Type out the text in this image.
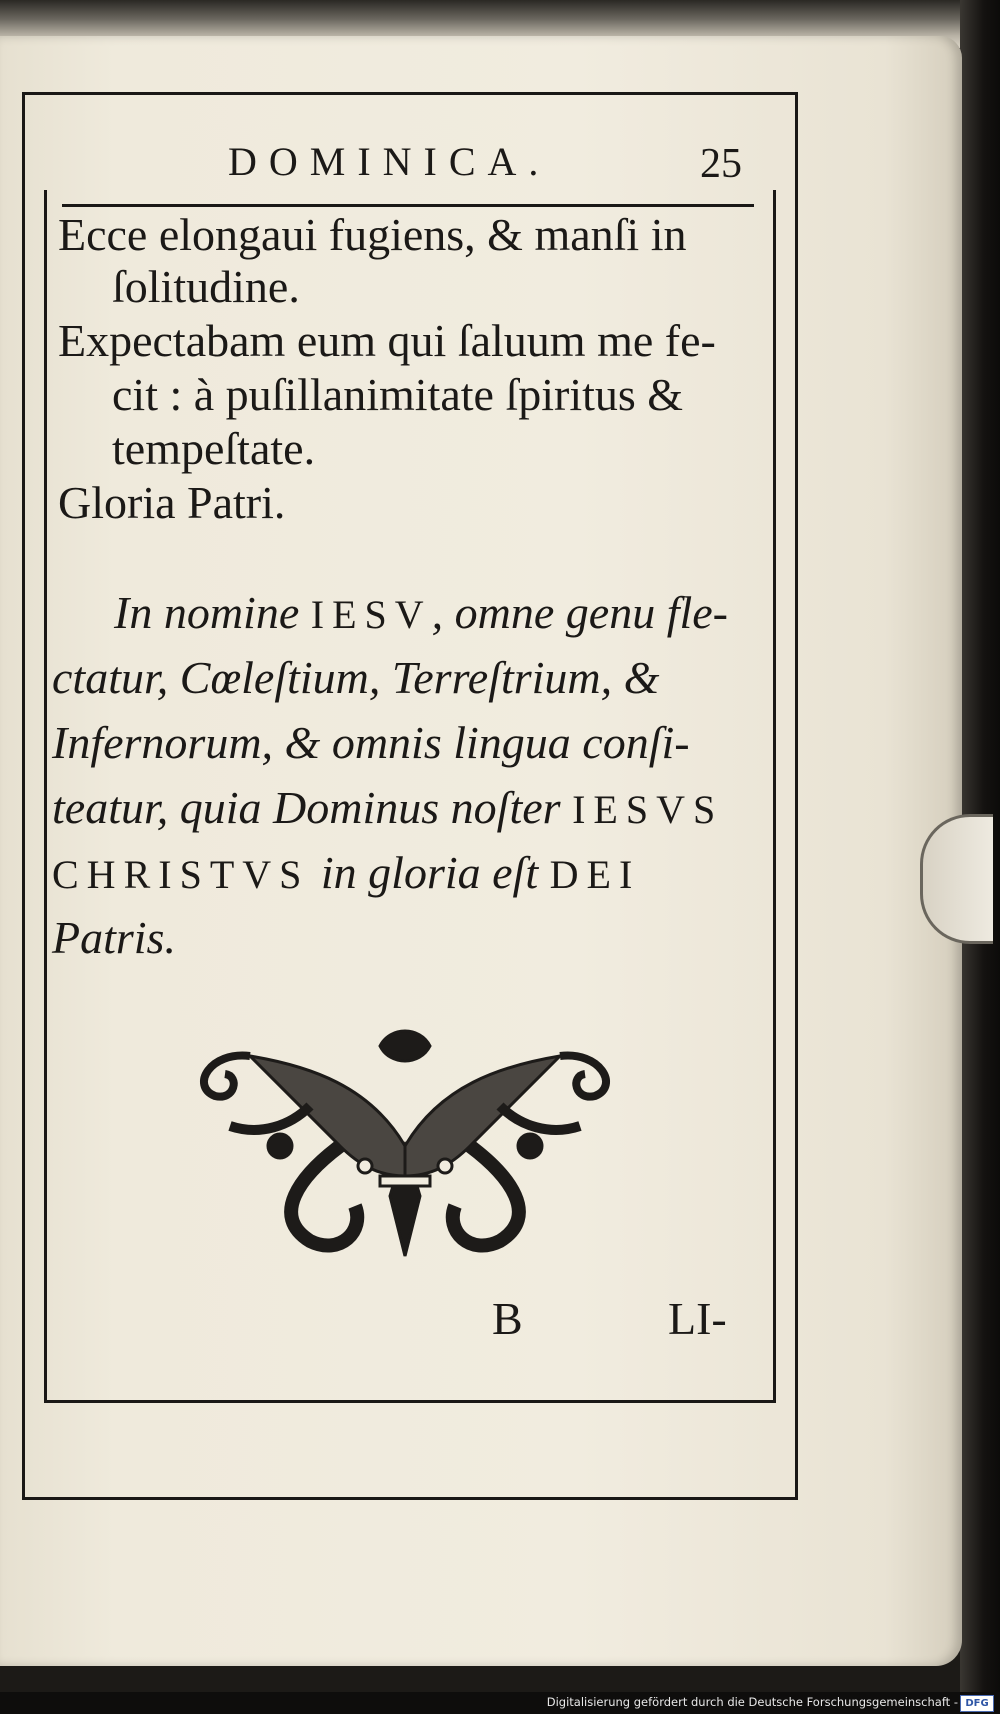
DOMINICA.	25
Ecce elongaui fugiens, & manſi in
ſolitudine.
Expectabam eum qui ſaluum me fe-
cit : à puſillanimitate ſpiritus &
tempeſtate.
Gloria Patri.
In nomine IESV, omne genu fle-
ctatur, Cœleſtium, Terreſtrium, &
Infernorum, & omnis lingua conſi-
teatur, quia Dominus noſter IESVS
CHRISTVS in gloria eſt DEI
Patris.
B	LI-
Digitalisierung gefördert durch die Deutsche Forschungsgemeinschaft - DFG
